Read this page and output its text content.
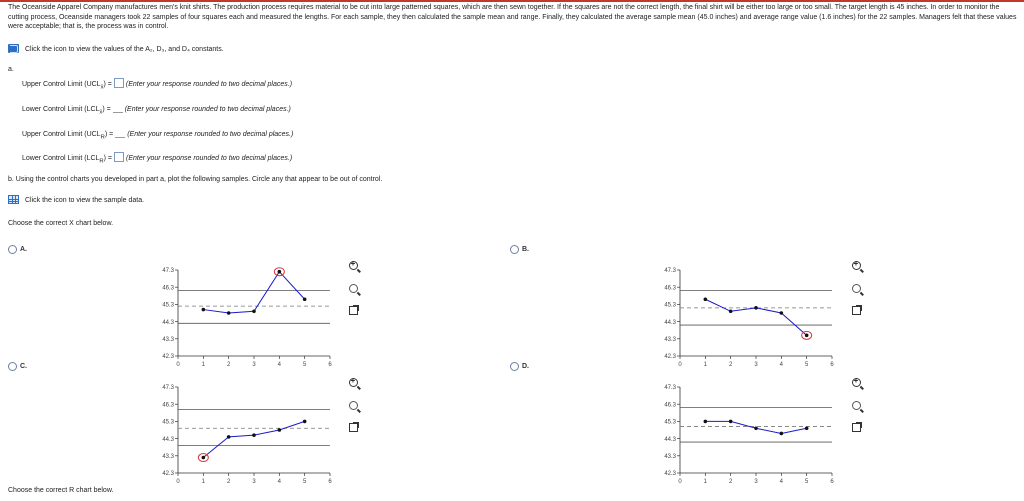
The Oceanside Apparel Company manufactures men's knit shirts. The production process requires material to be cut into large patterned squares, which are then sewn together. If the squares are not the correct length, the final shirt will be either too large or too small. The target length is 45 inches. In order to monitor the cutting process, Oceanside managers took 22 samples of four squares each and measured the lengths. For each sample, they then calculated the sample mean and range. Finally, they calculated the average sample mean (45.0 inches) and average range value (1.6 inches) for the 22 samples. Managers felt that these values were acceptable; that is, the process was in control.
Click the icon to view the values of the A₂, D₃, and D₄ constants.
a.
Upper Control Limit $(UCL_{x̄})$ = (Enter your response rounded to two decimal places.)
Lower Control Limit $(LCL_{x̄})$ = (Enter your response rounded to two decimal places.)
Upper Control Limit $(UCL_R)$ = (Enter your response rounded to two decimal places.)
Lower Control Limit $(LCL_R)$ = (Enter your response rounded to two decimal places.)
b. Using the control charts you developed in part a, plot the following samples. Circle any that appear to be out of control.
Click the icon to view the sample data.
Choose the correct X chart below.
A.
47.3
46.3
45.3
44.3
43.3
42.3
0	1	2	3	4	5	6
+
B.
47.3
46.3
45.3
44.3
43.3
42.3
0	1	2	3	4	5	6
+
C.
47.3
46.3
45.3
44.3
43.3
42.3
0	1	2	3	4	5	6
+
D.
47.3
46.3
45.3
44.3
43.3
42.3
0	1	2	3	4	5	6
+
Choose the correct R chart below.
